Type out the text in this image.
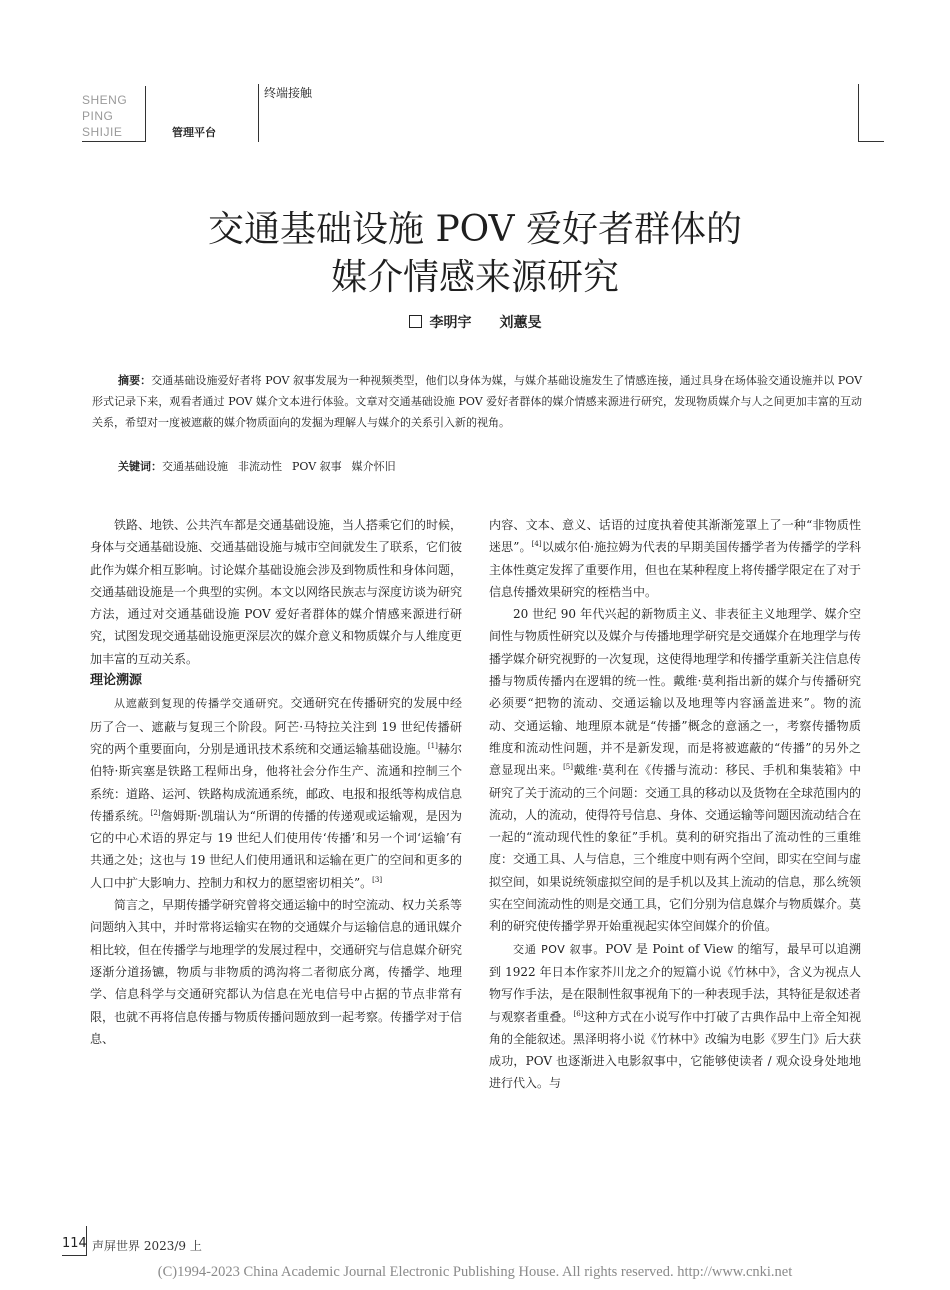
SHENG
PING
SHIJIE	管理平台
终端接触
交通基础设施 POV 爱好者群体的
媒介情感来源研究
李明宇 刘蕙旻
摘要：交通基础设施爱好者将 POV 叙事发展为一种视频类型，他们以身体为媒，与媒介基础设施发生了情感连接，通过具身在场体验交通设施并以 POV 形式记录下来，观看者通过 POV 媒介文本进行体验。文章对交通基础设施 POV 爱好者群体的媒介情感来源进行研究，发现物质媒介与人之间更加丰富的互动关系，希望对一度被遮蔽的媒介物质面向的发掘为理解人与媒介的关系引入新的视角。
关键词：交通基础设施 非流动性 POV 叙事 媒介怀旧

铁路、地铁、公共汽车都是交通基础设施，当人搭乘它们的时候，身体与交通基础设施、交通基础设施与城市空间就发生了联系，它们彼此作为媒介相互影响。讨论媒介基础设施会涉及到物质性和身体问题，交通基础设施是一个典型的实例。本文以网络民族志与深度访谈为研究方法，通过对交通基础设施 POV 爱好者群体的媒介情感来源进行研究，试图发现交通基础设施更深层次的媒介意义和物质媒介与人维度更加丰富的互动关系。

理论溯源

从遮蔽到复现的传播学交通研究。交通研究在传播研究的发展中经历了合一、遮蔽与复现三个阶段。阿芒·马特拉关注到 19 世纪传播研究的两个重要面向，分别是通讯技术系统和交通运输基础设施。[1]赫尔伯特·斯宾塞是铁路工程师出身，他将社会分作生产、流通和控制三个系统：道路、运河、铁路构成流通系统，邮政、电报和报纸等构成信息传播系统。[2]詹姆斯·凯瑞认为“所谓的传播的传递观或运输观，是因为它的中心术语的界定与 19 世纪人们使用传‘传播’和另一个词‘运输’有共通之处；这也与 19 世纪人们使用通讯和运输在更广的空间和更多的人口中扩大影响力、控制力和权力的愿望密切相关”。[3]

简言之，早期传播学研究曾将交通运输中的时空流动、权力关系等问题纳入其中，并时常将运输实在物的交通媒介与运输信息的通讯媒介相比较，但在传播学与地理学的发展过程中，交通研究与信息媒介研究逐渐分道扬镳，物质与非物质的鸿沟将二者彻底分离，传播学、地理学、信息科学与交通研究都认为信息在光电信号中占据的节点非常有限，也就不再将信息传播与物质传播问题放到一起考察。传播学对于信息、

内容、文本、意义、话语的过度执着使其渐渐笼罩上了一种“非物质性迷思”。[4]以威尔伯·施拉姆为代表的早期美国传播学者为传播学的学科主体性奠定发挥了重要作用，但也在某种程度上将传播学限定在了对于信息传播效果研究的桎梏当中。

20 世纪 90 年代兴起的新物质主义、非表征主义地理学、媒介空间性与物质性研究以及媒介与传播地理学研究是交通媒介在地理学与传播学媒介研究视野的一次复现，这使得地理学和传播学重新关注信息传播与物质传播内在逻辑的统一性。戴维·莫利指出新的媒介与传播研究必须要“把物的流动、交通运输以及地理等内容涵盖进来”。物的流动、交通运输、地理原本就是“传播”概念的意涵之一，考察传播物质维度和流动性问题，并不是新发现，而是将被遮蔽的“传播”的另外之意显现出来。[5]戴维·莫利在《传播与流动：移民、手机和集装箱》中研究了关于流动的三个问题：交通工具的移动以及货物在全球范围内的流动，人的流动，使得符号信息、身体、交通运输等问题因流动结合在一起的“流动现代性的象征”手机。莫利的研究指出了流动性的三重维度：交通工具、人与信息，三个维度中则有两个空间，即实在空间与虚拟空间，如果说统领虚拟空间的是手机以及其上流动的信息，那么统领实在空间流动性的则是交通工具，它们分别为信息媒介与物质媒介。莫利的研究使传播学界开始重视起实体空间媒介的价值。

交通 POV 叙事。POV 是 Point of View 的缩写，最早可以追溯到 1922 年日本作家芥川龙之介的短篇小说《竹林中》，含义为视点人物写作手法，是在限制性叙事视角下的一种表现手法，其特征是叙述者与观察者重叠。[6]这种方式在小说写作中打破了古典作品中上帝全知视角的全能叙述。黑泽明将小说《竹林中》改编为电影《罗生门》后大获成功，POV 也逐渐进入电影叙事中，它能够使读者 / 观众设身处地地进行代入。与

114 声屏世界 2023/9 上
(C)1994-2023 China Academic Journal Electronic Publishing House. All rights reserved. http://www.cnki.net
